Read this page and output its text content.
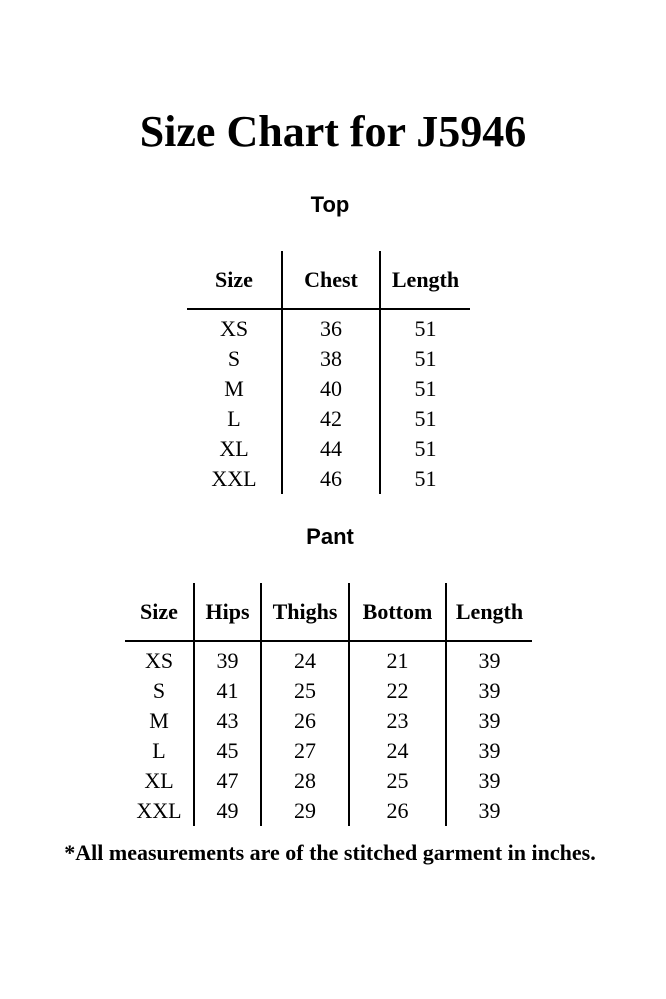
Size Chart for J5946
Top
Size	Chest	Length
XS	36	51
S	38	51
M	40	51
L	42	51
XL	44	51
XXL	46	51
Pant
Size	Hips	Thighs	Bottom	Length
XS	39	24	21	39
S	41	25	22	39
M	43	26	23	39
L	45	27	24	39
XL	47	28	25	39
XXL	49	29	26	39
*All measurements are of the stitched garment in inches.
